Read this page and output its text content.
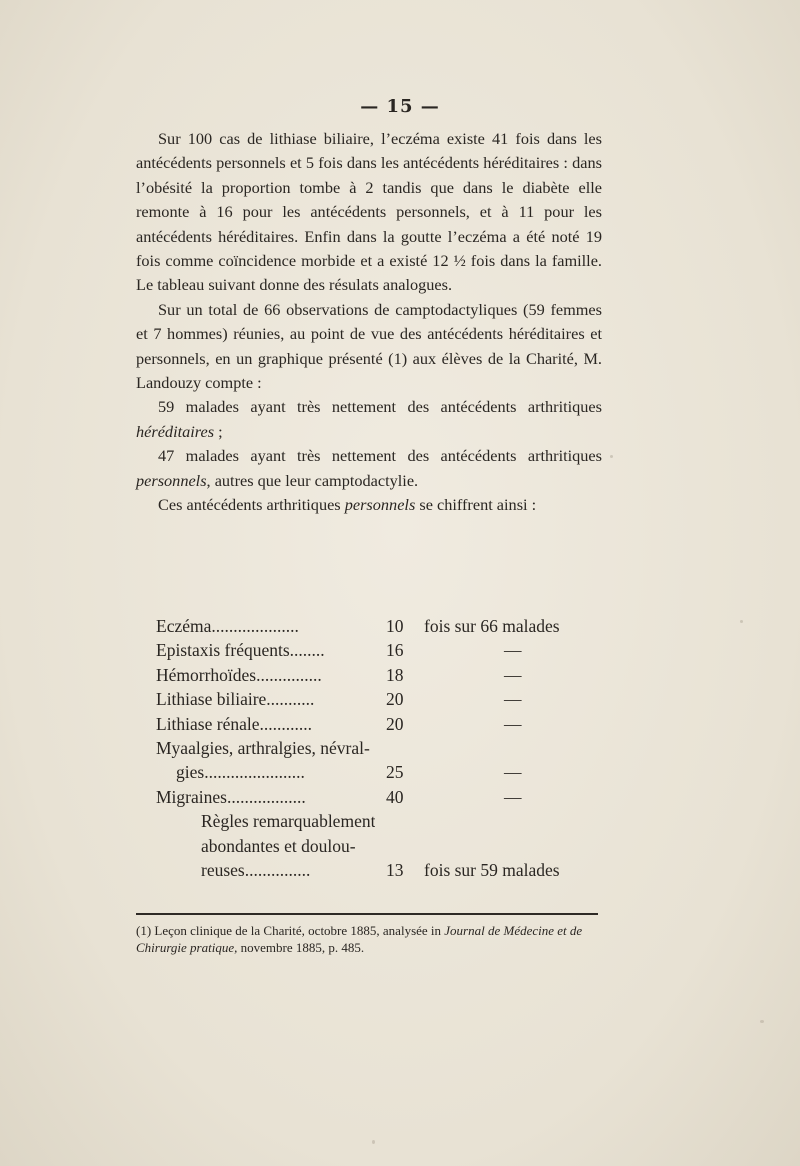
— 15 —

Sur 100 cas de lithiase biliaire, l’eczéma existe 41 fois dans les antécédents personnels et 5 fois dans les antécédents héréditaires : dans l’obésité la proportion tombe à 2 tandis que dans le diabète elle remonte à 16 pour les antécédents personnels, et à 11 pour les antécédents héréditaires. Enfin dans la goutte l’eczéma a été noté 19 fois comme coïncidence morbide et a existé 12 ½ fois dans la famille. Le tableau suivant donne des résulats analogues.

Sur un total de 66 observations de camptodactyliques (59 femmes et 7 hommes) réunies, au point de vue des antécédents héréditaires et personnels, en un graphique présenté (1) aux élèves de la Charité, M. Landouzy compte :

59 malades ayant très nettement des antécédents arthritiques héréditaires ;

47 malades ayant très nettement des antécédents arthritiques personnels, autres que leur camptodactylie.

Ces antécédents arthritiques personnels se chiffrent ainsi :

Eczéma....................	10	fois sur 66 malades
Epistaxis fréquents........	16	—
Hémorrhoïdes...............	18	—
Lithiase biliaire...........	20	—
Lithiase rénale............	20	—
Myaalgies, arthralgies, névral-
gies.......................	25	—
Migraines..................	40	—
Règles remarquablement
abondantes et doulou-
reuses...............	13	fois sur 59 malades

(1) Leçon clinique de la Charité, octobre 1885, analysée in Journal de Médecine et de Chirurgie pratique, novembre 1885, p. 485.
